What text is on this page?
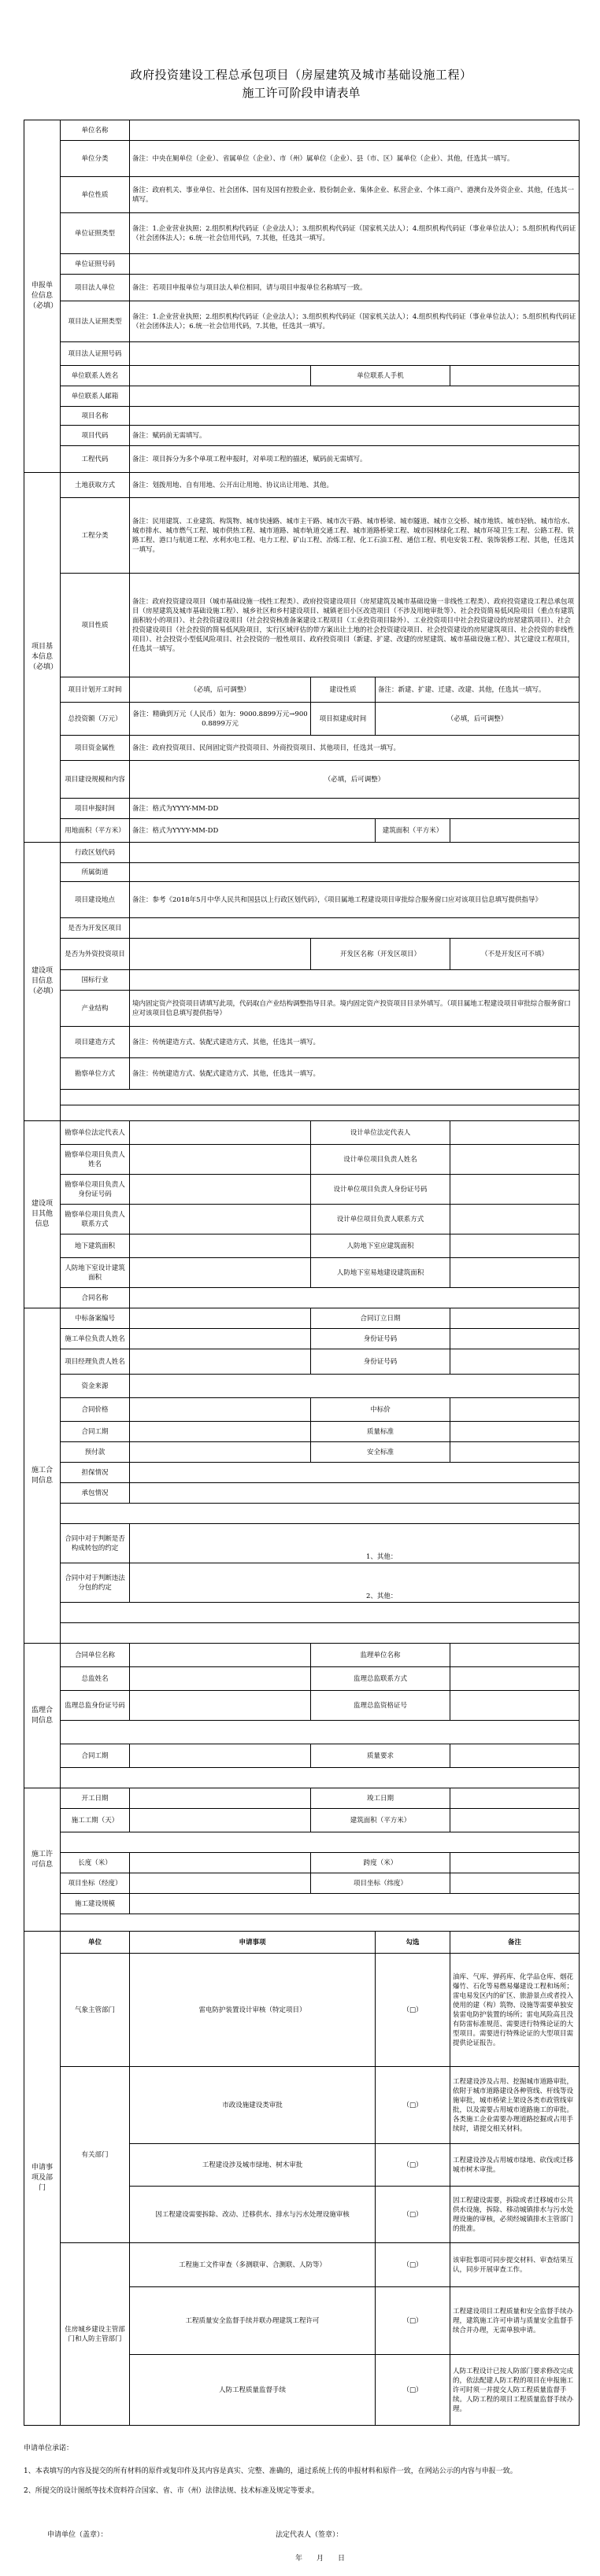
政府投资建设工程总承包项目（房屋建筑及城市基础设施工程）
施工许可阶段申请表单
申报单位信息（必填）	单位名称				
	单位分类	备注：中央在厕单位（企业）、省属单位（企业）、市（州）属单位（企业）、县（市、区）属单位（企业）、其他，任选其一填写。			
	单位性质	备注：政府机关、事业单位、社会团体、国有及国有控股企业、股份制企业、集体企业、私营企业、个体工商户、港澳台及外资企业、其他，任选其一填写。			
	单位证照类型	备注：1.企业营业执照；2.组织机构代码证（企业法人）；3.组织机构代码证（国家机关法人）；4.组织机构代码证（事业单位法人）；5.组织机构代码证（社会团体法人）；6.统一社会信用代码，7.其他，任选其一填写。			
	单位证照号码				
	项目法人单位	备注：若项目申报单位与项目法人单位相同，请与项目申报单位名称填写一致。			
	项目法人证照类型	备注：1.企业营业执照；2.组织机构代码证（企业法人）；3.组织机构代码证（国家机关法人）；4.组织机构代码证（事业单位法人）；5.组织机构代码证（社会团体法人）；6.统一社会信用代码，7.其他，任选其一填写。			
	项目法人证照号码				
	单位联系人姓名		单位联系人手机		
	单位联系人邮箱				
	项目名称				
	项目代码	备注：赋码前无需填写。			
	工程代码	备注：项目拆分为多个单项工程申报时，对单项工程的描述，赋码前无需填写。			
项目基本信息（必填）	土地获取方式	备注：划拨用地、自有用地、公开出让用地、协议出让用地、其他。			
	工程分类	备注：民用建筑、工业建筑、构筑物、城市快速路、城市主干路、城市次干路、城市桥梁、城市隧道、城市立交桥、城市地铁、城市轻轨、城市给水、城市排水、城市燃气工程、城市供热工程、城市道路、城市轨道交通工程、城市道路桥梁工程、城市园林绿化工程、城市环境卫生工程、公路工程、铁路工程、港口与航道工程、水利水电工程、电力工程、矿山工程、冶炼工程、化工石油工程、通信工程、机电安装工程、装饰装修工程、其他，任选其一填写。			
	项目性质	备注：政府投资建设项目（城市基础设施一线性工程类）、政府投资建设项目（房屋建筑及城市基础设施一非线性工程类）、政府投资建设工程总承包项目（房屋建筑及城市基础设施工程）、城乡社区和乡村建设项目、城镇老旧小区改造项目（不涉及用地审批等）、社会投资简易低风险项目（重点有建筑面积较小的项目）、社会投资建设项目（社会投资核准备案建设工程项目（工业投资项目除外）、工业投资项目中社会投资建设的房屋建筑项目）、社会投资建设项目（社会投资的简易低风险项目，实行区域评估的带方案出让土地的社会投资建设项目、社会投资建设的房屋建筑项目、社会投资的非线性项目）、社会投资小型低风险项目、社会投资的一般性项目、政府投资项目（新建、扩建、改建的房屋建筑、城市基础设施工程）、其它建设工程项目，任选其一填写。			
	项目计划开工时间	（必填，后可调整）	建设性质	备注：新建、扩建、迁建、改建、其他，任选其一填写。	
	总投资额（万元）	备注：精确到万元（人民币）如为：9000.8899万元→9000.8899万元	项目拟建成时间	（必填，后可调整）	
	项目资金属性	备注：政府投资项目、民间固定资产投资项目、外商投资项目、其他项目，任选其一填写。			
	项目建设规模和内容	（必填，后可调整）			
	项目申报时间	备注：格式为YYYY-MM-DD			
	用地面积（平方米）	备注：格式为YYYY-MM-DD		建筑面积（平方米）	
建设项目信息（必填）	行政区划代码				
	所属街道				
	项目建设地点	备注：参考《2018年5月中华人民共和国县以上行政区划代码》，《项目属地工程建设项目审批综合服务窗口应对该项目信息填写提供指导》			
	是否为开发区项目				
	是否为外资投资项目		开发区名称（开发区项目）		（不是开发区可不填）
	国标行业				
	产业结构	境内固定资产投资项目请填写此项，代码取自产业结构调整指导目录。境内固定资产投资项目目录外填写。（项目属地工程建设项目审批综合服务窗口应对该项目信息填写提供指导）			
	项目建造方式	备注：传统建造方式、装配式建造方式、其他，任选其一填写。			
	勘察单位方式	备注：传统建造方式、装配式建造方式、其他，任选其一填写。			

建设项目其他信息	勘察单位法定代表人		设计单位法定代表人		
	勘察单位项目负责人姓名		设计单位项目负责人姓名		
	勘察单位项目负责人身份证号码		设计单位项目负责人身份证号码		
	勘察单位项目负责人联系方式		设计单位项目负责人联系方式		
	地下建筑面积		人防地下室应建筑面积		
	人防地下室设计建筑面积		人防地下室易地建设建筑面积		
	合同名称				
施工合同信息	中标备案编号		合同订立日期		
	施工单位负责人姓名		身份证号码		
	项目经理负责人姓名		身份证号码		
	资金来源				
	合同价格		中标价		
	合同工期		质量标准		
	预付款		安全标准		
	担保情况				
	承包情况				

	合同中对于判断是否构成转包的约定	1、其他：			
	合同中对于判断违法分包的约定	2、其他：			

监理合同信息	合同单位名称		监理单位名称		
	总监姓名		监理总监联系方式		
	监理总监身份证号码		监理总监资格证号		

	合同工期		质量要求		

施工许可信息	开工日期		竣工日期		
	施工工期（天）		建筑面积（平方米）		

	长度（米）		跨度（米）		
	项目坐标（经度）		项目坐标（纬度）		
	施工建设规模				

申请事项及部门	单位	申请事项		勾选	备注
	气象主管部门	雷电防护装置设计审核（特定项目）		（□）	油库、气库、弹药库、化学品仓库、烟花爆竹、石化等易燃易爆建设工程和场所；雷电易发区内的矿区、旅游景点或者投入使用的建（构）筑物、设施等需要单独安装雷电防护装置的场所；雷电风险高且没有防雷标准规范、需要进行特殊论证的大型项目。需要进行特殊论证的大型项目需提供论证报告。
	有关部门	市政设施建设类审批		（□）	工程建设涉及占用、挖掘城市道路审批，依附于城市道路建设各种管线、杆线等设施审批，城市桥梁上架设各类市政管线审批，以及需要占用城市道路施工的审批。各类施工企业需要办理道路挖掘或占用手续时，请提交相关材料。
		工程建设涉及城市绿地、树木审批		（□）	工程建设涉及占用城市绿地、砍伐或迁移城市树木审批。
		因工程建设需要拆除、改动、迁移供水、排水与污水处理设施审核		（□）	因工程建设需要，拆除或者迁移城市公共供水设施，拆除、移动城镇排水与污水处理设施的审核，必须经城镇排水主管部门的批准。
	住房城乡建设主管部门和人防主管部门	工程施工文件审查（多测联审、合测联、人防等）		（□）	该审批事项可同步提交材料、审查结果互认，同步开展审查工作。
		工程质量安全监督手续并联办理建筑工程许可		（□）	工程建设项目工程质量和安全监督手续办理，建筑施工许可申请与质量安全监督手续合并办理，无需单独申请。
		人防工程质量监督手续		（□）	人防工程设计已按人防部门要求修改完成的，依法配建人防工程的项目在申报施工许可时须一并提交人防工程质量监督手续。人防工程的项目工程质量监督手续办理。

申请单位承诺：

1、本表填写的内容及提交的所有材料的原件或复印件及其内容是真实、完整、准确的，通过系统上传的申报材料和原件一致，在网站公示的内容与申报一致。

2、所提交的设计图纸等技术资料符合国家、省、市（州）法律法规、技术标准及规定等要求。

申请单位（盖章）：	法定代表人（签章）：
年　　月　　日
